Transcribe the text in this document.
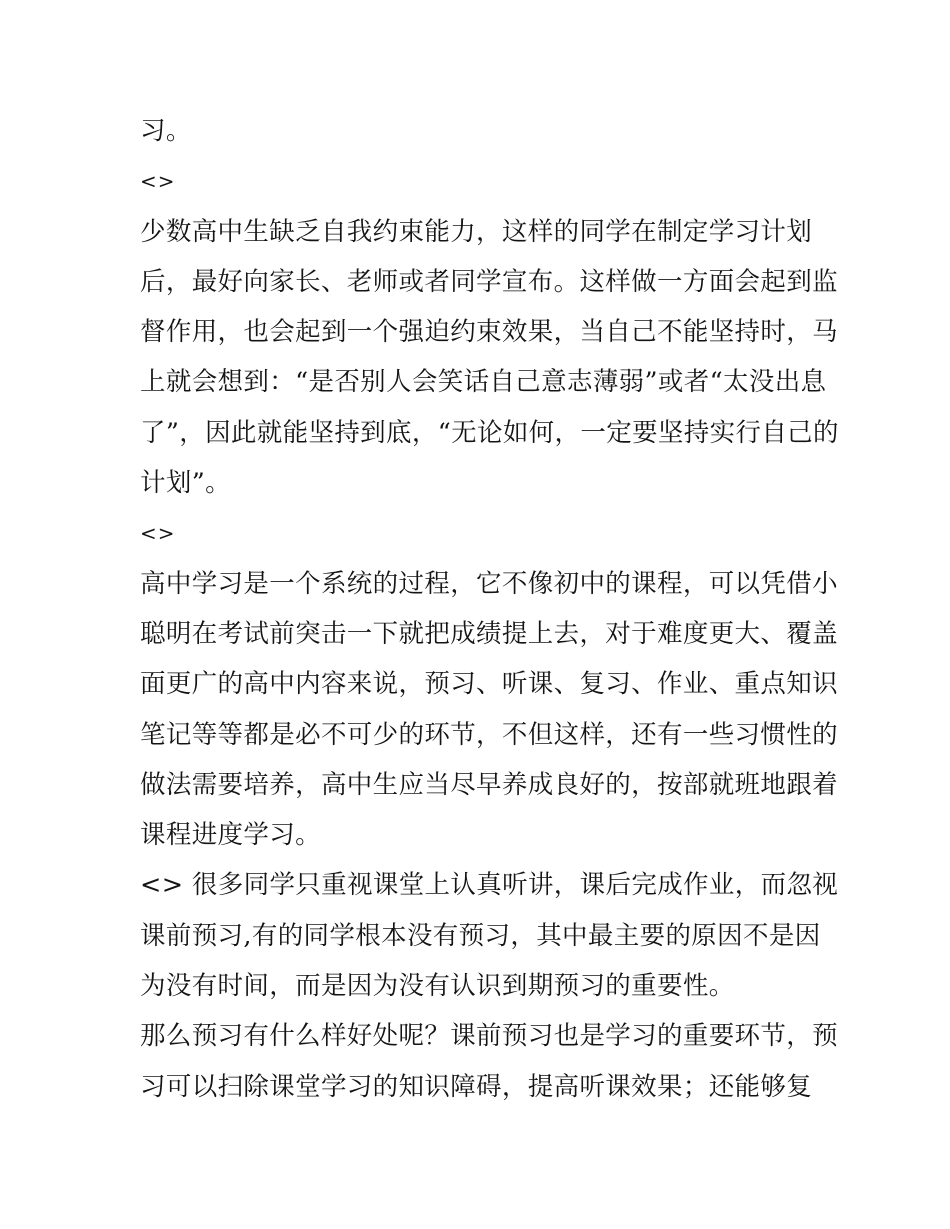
习。
<>
少数高中生缺乏自我约束能力，这样的同学在制定学习计划
后，最好向家长、老师或者同学宣布。这样做一方面会起到监
督作用，也会起到一个强迫约束效果，当自己不能坚持时，马
上就会想到：“是否别人会笑话自己意志薄弱”或者“太没出息
了”，因此就能坚持到底，“无论如何，一定要坚持实行自己的
计划”。
<>
高中学习是一个系统的过程，它不像初中的课程，可以凭借小
聪明在考试前突击一下就把成绩提上去，对于难度更大、覆盖
面更广的高中内容来说，预习、听课、复习、作业、重点知识
笔记等等都是必不可少的环节，不但这样，还有一些习惯性的
做法需要培养，高中生应当尽早养成良好的，按部就班地跟着
课程进度学习。
<> 很多同学只重视课堂上认真听讲，课后完成作业，而忽视
课前预习,有的同学根本没有预习，其中最主要的原因不是因
为没有时间，而是因为没有认识到期预习的重要性。
那么预习有什么样好处呢？课前预习也是学习的重要环节，预
习可以扫除课堂学习的知识障碍，提高听课效果；还能够复
